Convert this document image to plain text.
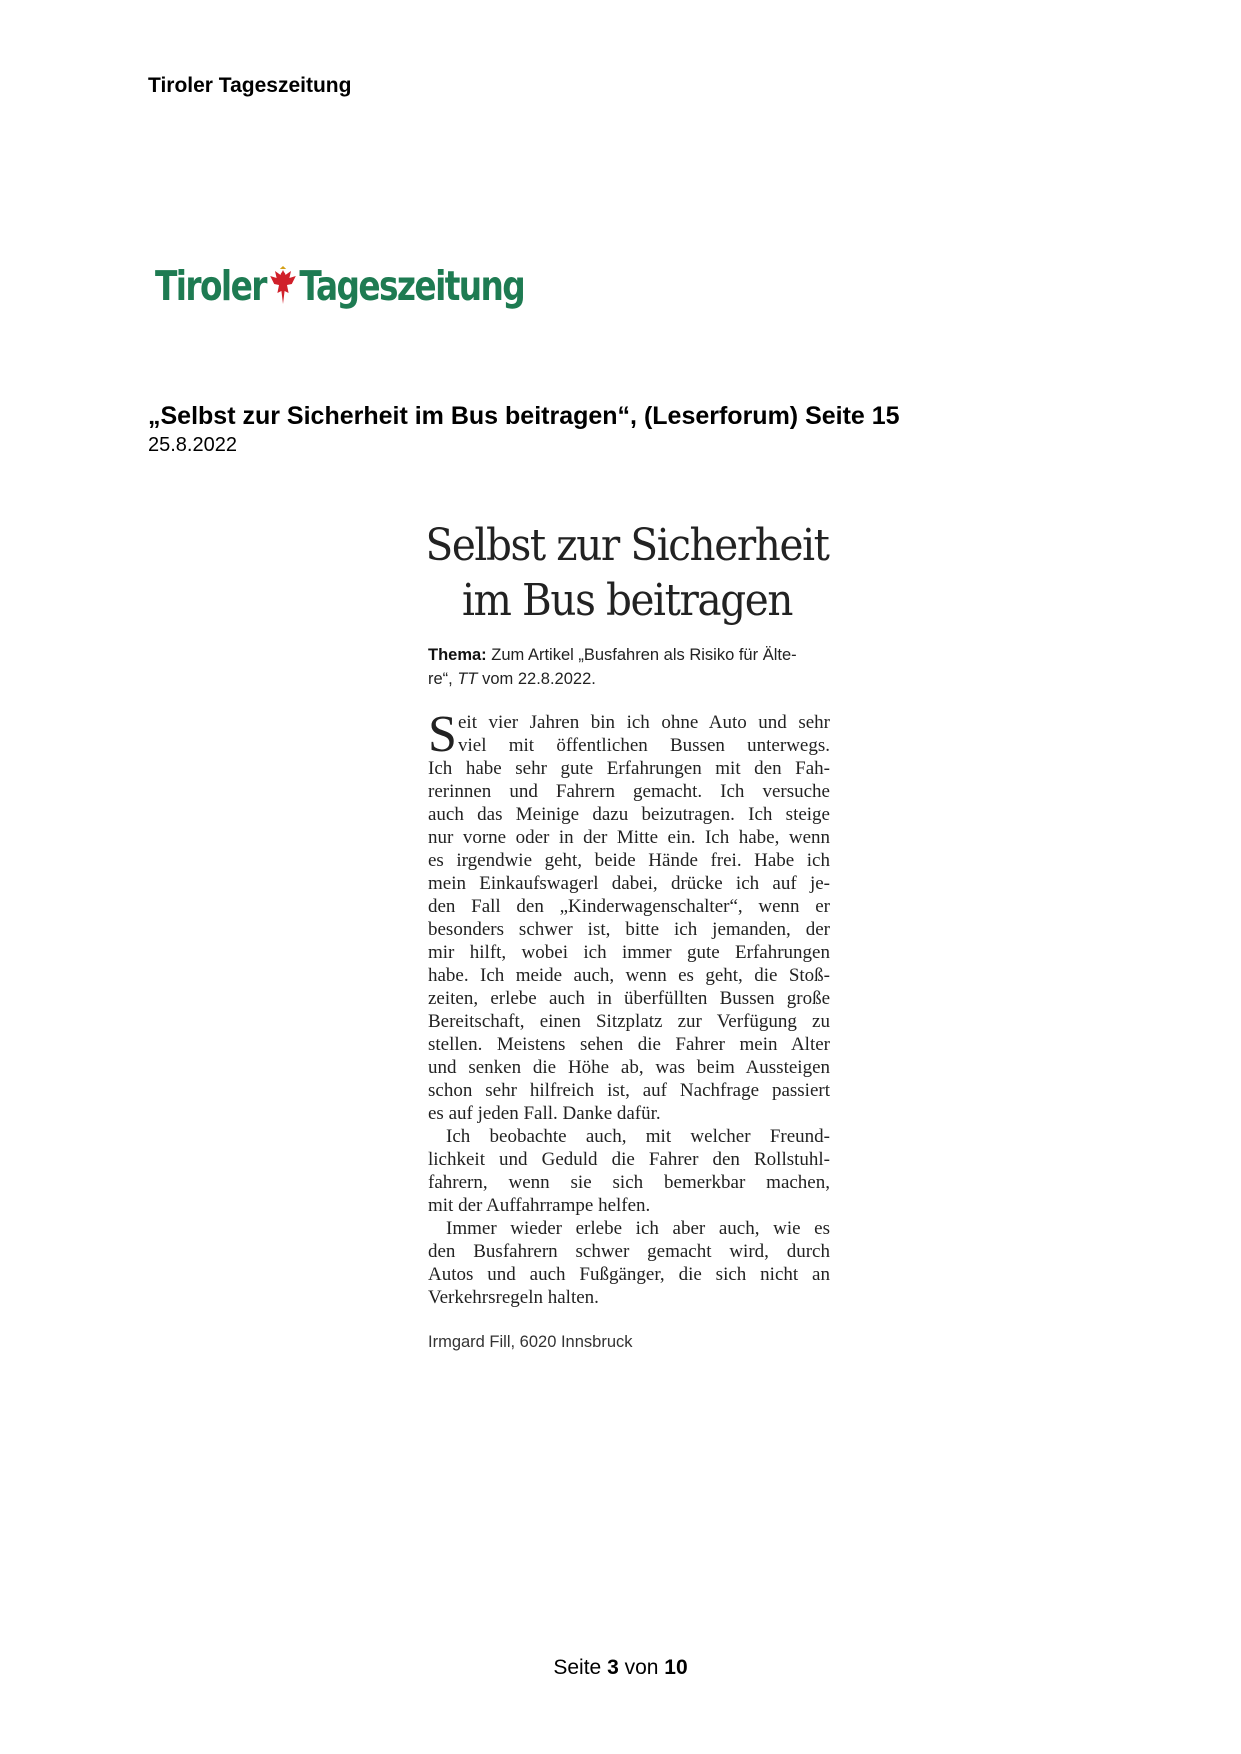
Tiroler Tageszeitung
Tiroler Tageszeitung
„Selbst zur Sicherheit im Bus beitragen“, (Leserforum) Seite 15
25.8.2022
Selbst zur Sicherheit
im Bus beitragen
Thema: Zum Artikel „Busfahren als Risiko für Älte-
re“, TT vom 22.8.2022.
S eit vier Jahren bin ich ohne Auto und sehr
viel mit öffentlichen Bussen unterwegs.
Ich habe sehr gute Erfahrungen mit den Fah-
rerinnen und Fahrern gemacht. Ich versuche
auch das Meinige dazu beizutragen. Ich steige
nur vorne oder in der Mitte ein. Ich habe, wenn
es irgendwie geht, beide Hände frei. Habe ich
mein Einkaufswagerl dabei, drücke ich auf je-
den Fall den „Kinderwagenschalter“, wenn er
besonders schwer ist, bitte ich jemanden, der
mir hilft, wobei ich immer gute Erfahrungen
habe. Ich meide auch, wenn es geht, die Stoß-
zeiten, erlebe auch in überfüllten Bussen große
Bereitschaft, einen Sitzplatz zur Verfügung zu
stellen. Meistens sehen die Fahrer mein Alter
und senken die Höhe ab, was beim Aussteigen
schon sehr hilfreich ist, auf Nachfrage passiert
es auf jeden Fall. Danke dafür.
Ich beobachte auch, mit welcher Freund-
lichkeit und Geduld die Fahrer den Rollstuhl-
fahrern, wenn sie sich bemerkbar machen,
mit der Auffahrrampe helfen.
Immer wieder erlebe ich aber auch, wie es
den Busfahrern schwer gemacht wird, durch
Autos und auch Fußgänger, die sich nicht an
Verkehrsregeln halten.
Irmgard Fill, 6020 Innsbruck
Seite 3 von 10
